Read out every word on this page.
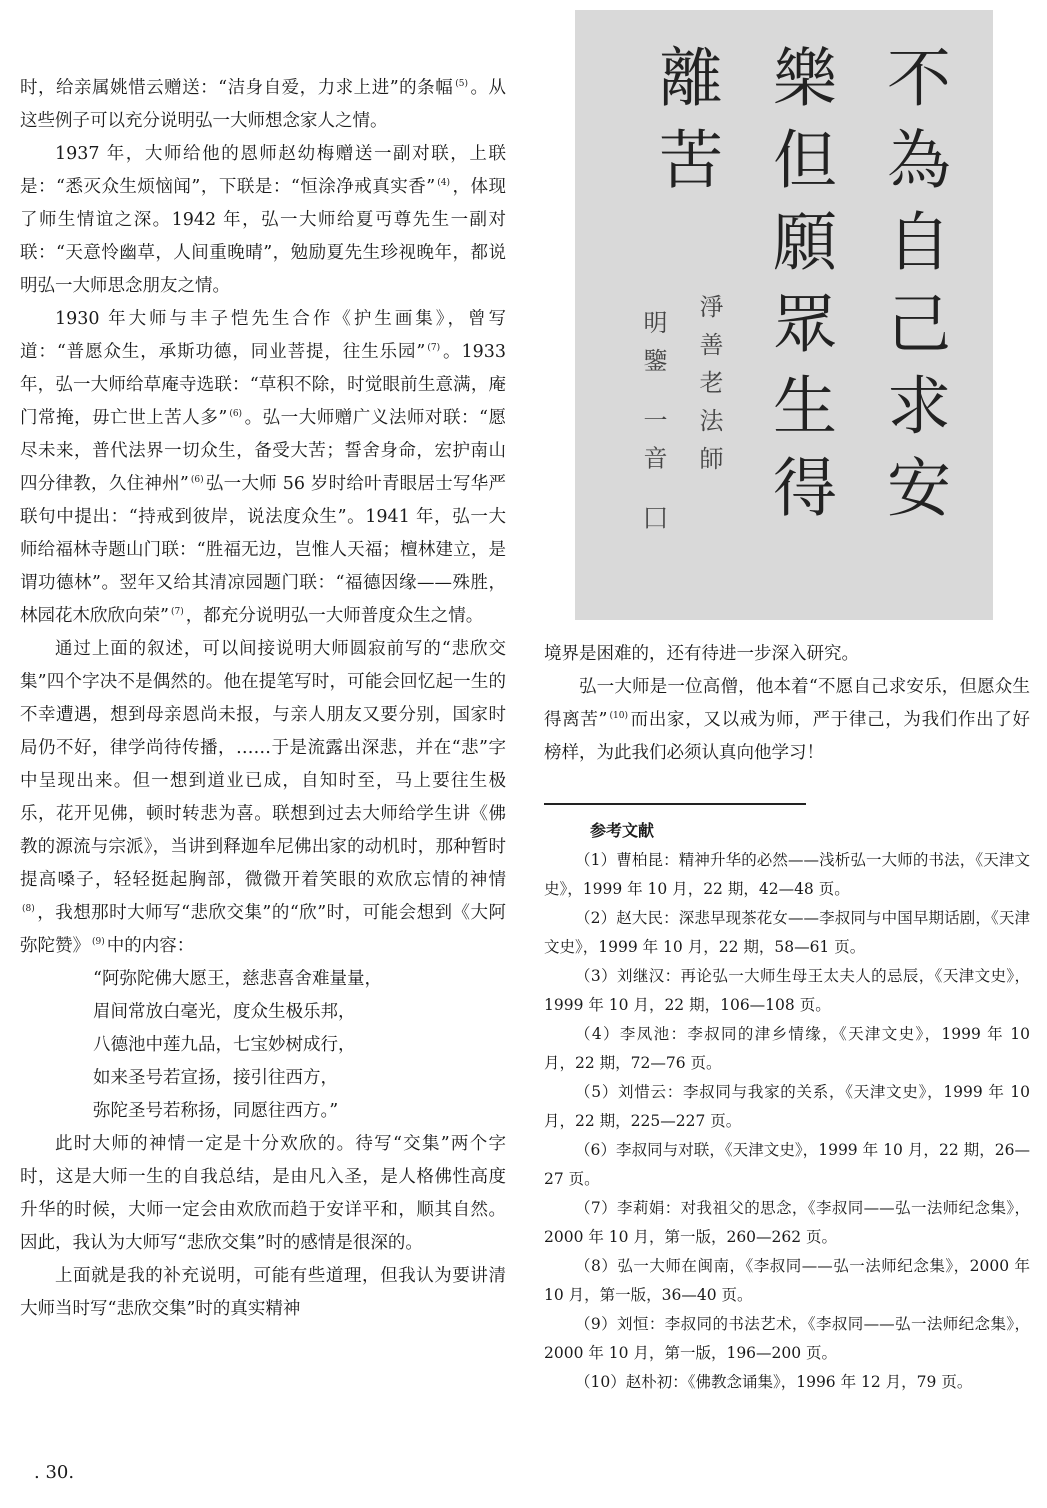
时，给亲属姚惜云赠送：“洁身自爱，力求上进”的条幅 $^{(5)}$ 。从这些例子可以充分说明弘一大师想念家人之情。

1937 年，大师给他的恩师赵幼梅赠送一副对联，上联是：“悉灭众生烦恼闻”，下联是：“恒涂净戒真实香” $^{(4)}$ ，体现了师生情谊之深。1942 年，弘一大师给夏丏尊先生一副对联：“天意怜幽草，人间重晚晴”，勉励夏先生珍视晚年，都说明弘一大师思念朋友之情。

1930 年大师与丰子恺先生合作《护生画集》，曾写道：“普愿众生，承斯功德，同业菩提，往生乐园” $^{(7)}$ 。1933 年，弘一大师给草庵寺选联：“草积不除，时觉眼前生意满，庵门常掩，毋亡世上苦人多” $^{(6)}$ 。弘一大师赠广义法师对联：“愿尽未来，普代法界一切众生，备受大苦；誓舍身命，宏护南山四分律教，久住神州” $^{(6)}$ 弘一大师 56 岁时给叶青眼居士写华严联句中提出：“持戒到彼岸，说法度众生”。1941 年，弘一大师给福林寺题山门联：“胜福无边，岂惟人天福；檀林建立，是谓功德林”。翌年又给其清凉园题门联：“福德因缘——殊胜，林园花木欣欣向荣” $^{(7)}$ ，都充分说明弘一大师普度众生之情。

通过上面的叙述，可以间接说明大师圆寂前写的“悲欣交集”四个字决不是偶然的。他在提笔写时，可能会回忆起一生的不幸遭遇，想到母亲恩尚未报，与亲人朋友又要分别，国家时局仍不好，律学尚待传播，……于是流露出深悲，并在“悲”字中呈现出来。但一想到道业已成，自知时至，马上要往生极乐，花开见佛，顿时转悲为喜。联想到过去大师给学生讲《佛教的源流与宗派》，当讲到释迦牟尼佛出家的动机时，那种暂时提高嗓子，轻轻挺起胸部，微微开着笑眼的欢欣忘情的神情$^{(8)}$ ，我想那时大师写“悲欣交集”的“欣”时，可能会想到《大阿弥陀赞》 $^{(9)}$ 中的内容：

“阿弥陀佛大愿王，慈悲喜舍难量量，

眉间常放白毫光，度众生极乐邦，

八德池中莲九品，七宝妙树成行，

如来圣号若宣扬，接引往西方，

弥陀圣号若称扬，同愿往西方。”

此时大师的神情一定是十分欢欣的。待写“交集”两个字时，这是大师一生的自我总结，是由凡入圣，是人格佛性高度升华的时候，大师一定会由欢欣而趋于安详平和，顺其自然。因此，我认为大师写“悲欣交集”时的感情是很深的。

上面就是我的补充说明，可能有些道理，但我认为要讲清大师当时写“悲欣交集”时的真实精神

不為自己求安
樂但願眾生得
離苦
淨善老法師
明鑒 一音 囗

境界是困难的，还有待进一步深入研究。

弘一大师是一位高僧，他本着“不愿自己求安乐，但愿众生得离苦” $^{(10)}$ 而出家，又以戒为师，严于律己，为我们作出了好榜样，为此我们必须认真向他学习！

参考文献

（1）曹柏昆：精神升华的必然——浅析弘一大师的书法，《天津文史》，1999 年 10 月，22 期，42—48 页。

（2）赵大民：深悲早现茶花女——李叔同与中国早期话剧，《天津文史》，1999 年 10 月，22 期，58—61 页。

（3）刘继汉：再论弘一大师生母王太夫人的忌辰，《天津文史》，1999 年 10 月，22 期，106—108 页。

（4）李凤池：李叔同的津乡情缘，《天津文史》，1999 年 10 月，22 期，72—76 页。

（5）刘惜云：李叔同与我家的关系，《天津文史》，1999 年 10 月，22 期，225—227 页。

（6）李叔同与对联，《天津文史》，1999 年 10 月，22 期，26—27 页。

（7）李莉娟：对我祖父的思念，《李叔同——弘一法师纪念集》，2000 年 10 月，第一版，260—262 页。

（8）弘一大师在闽南，《李叔同——弘一法师纪念集》，2000 年 10 月，第一版，36—40 页。

（9）刘恒：李叔同的书法艺术，《李叔同——弘一法师纪念集》，2000 年 10 月，第一版，196—200 页。

（10）赵朴初：《佛教念诵集》，1996 年 12 月，79 页。

. 30.
